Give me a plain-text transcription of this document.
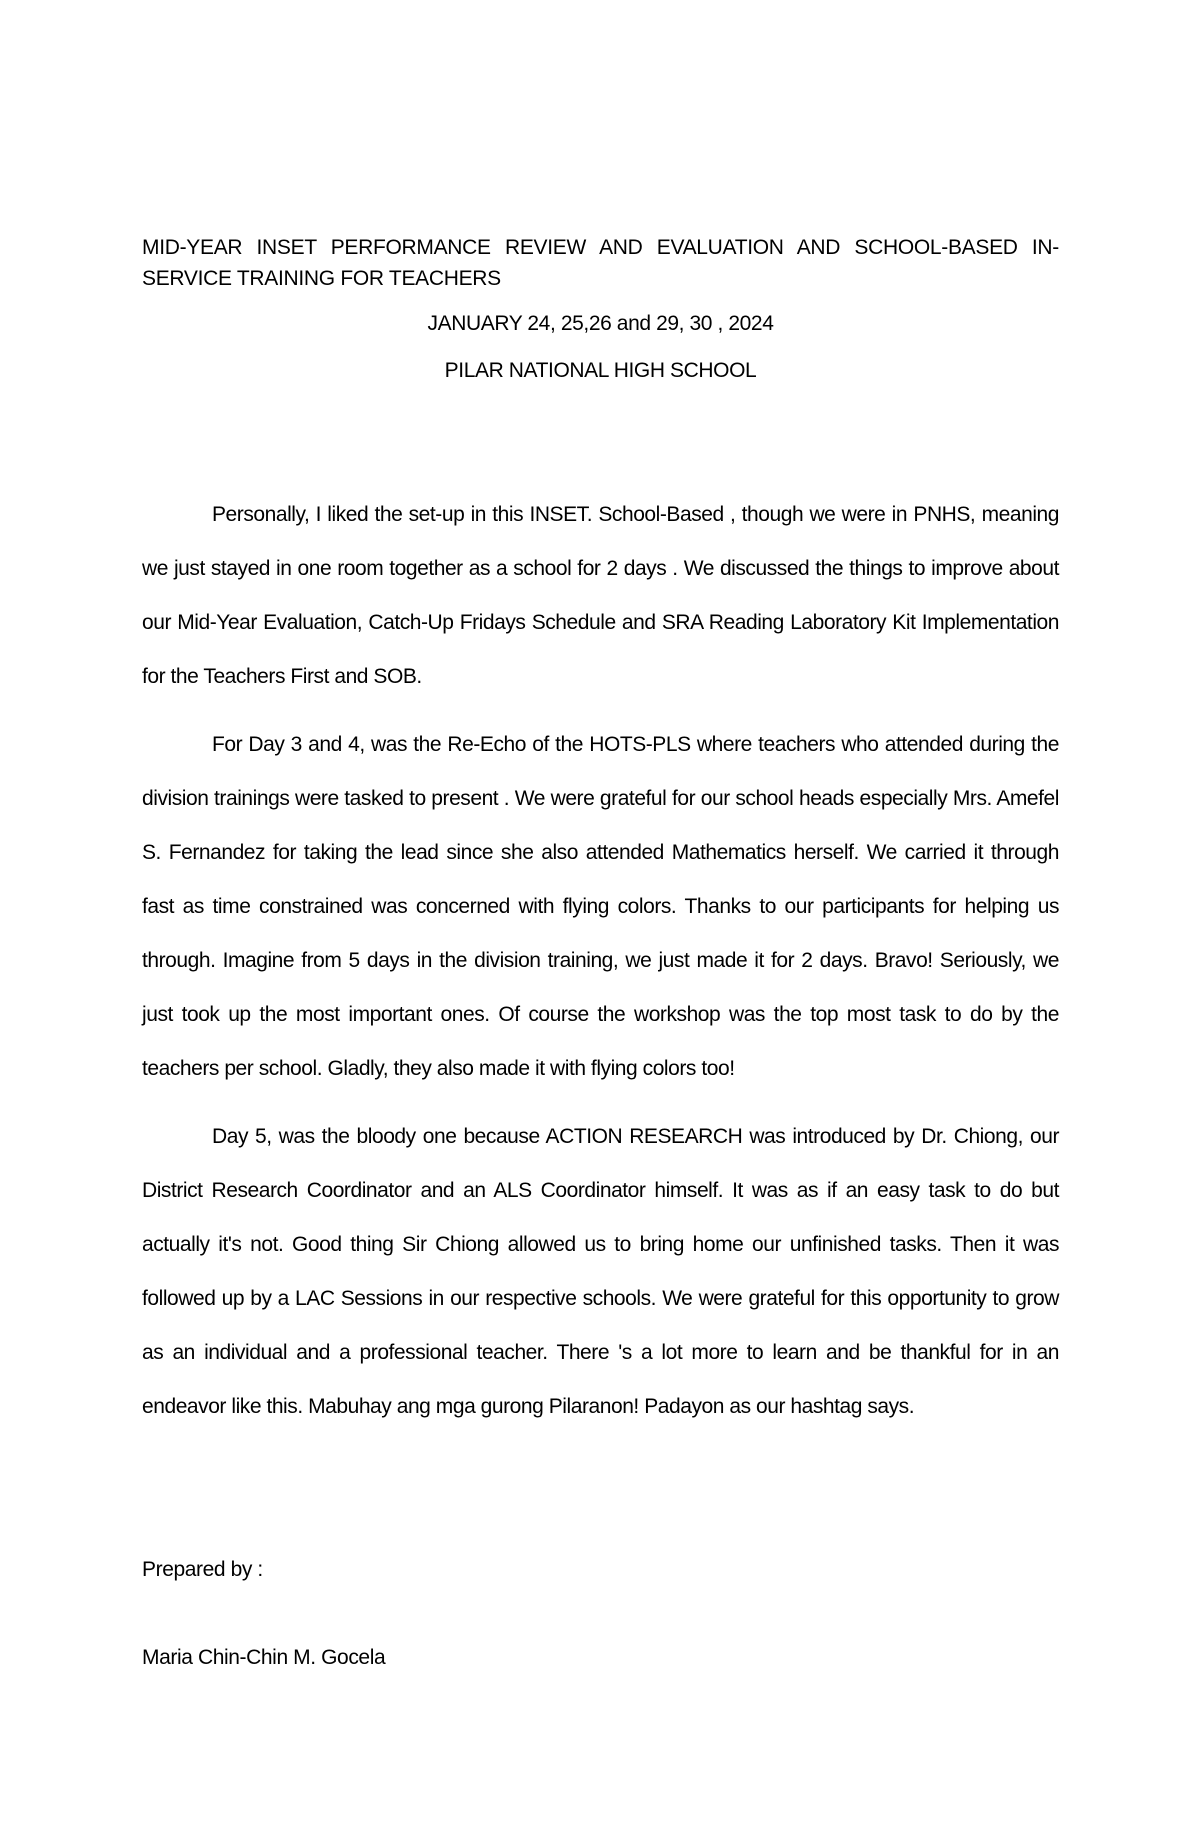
MID-YEAR INSET PERFORMANCE REVIEW AND EVALUATION AND SCHOOL-BASED IN-SERVICE TRAINING FOR TEACHERS

JANUARY 24, 25,26 and 29, 30 , 2024

PILAR NATIONAL HIGH SCHOOL

Personally, I liked the set-up in this INSET. School-Based , though we were in PNHS, meaning we just stayed in one room together as a school for 2 days . We discussed the things to improve about our Mid-Year Evaluation, Catch-Up Fridays Schedule and SRA Reading Laboratory Kit Implementation for the Teachers First and SOB.

For Day 3 and 4, was the Re-Echo of the HOTS-PLS where teachers who attended during the division trainings were tasked to present . We were grateful for our school heads especially Mrs. Amefel S. Fernandez for taking the lead since she also attended Mathematics herself. We carried it through fast as time constrained was concerned with flying colors. Thanks to our participants for helping us through. Imagine from 5 days in the division training, we just made it for 2 days. Bravo! Seriously, we just took up the most important ones. Of course the workshop was the top most task to do by the teachers per school. Gladly, they also made it with flying colors too!

Day 5, was the bloody one because ACTION RESEARCH was introduced by Dr. Chiong, our District Research Coordinator and an ALS Coordinator himself. It was as if an easy task to do but actually it's not. Good thing Sir Chiong allowed us to bring home our unfinished tasks. Then it was followed up by a LAC Sessions in our respective schools. We were grateful for this opportunity to grow as an individual and a professional teacher. There 's a lot more to learn and be thankful for in an endeavor like this. Mabuhay ang mga gurong Pilaranon! Padayon as our hashtag says.

Prepared by :
Maria Chin-Chin M. Gocela
